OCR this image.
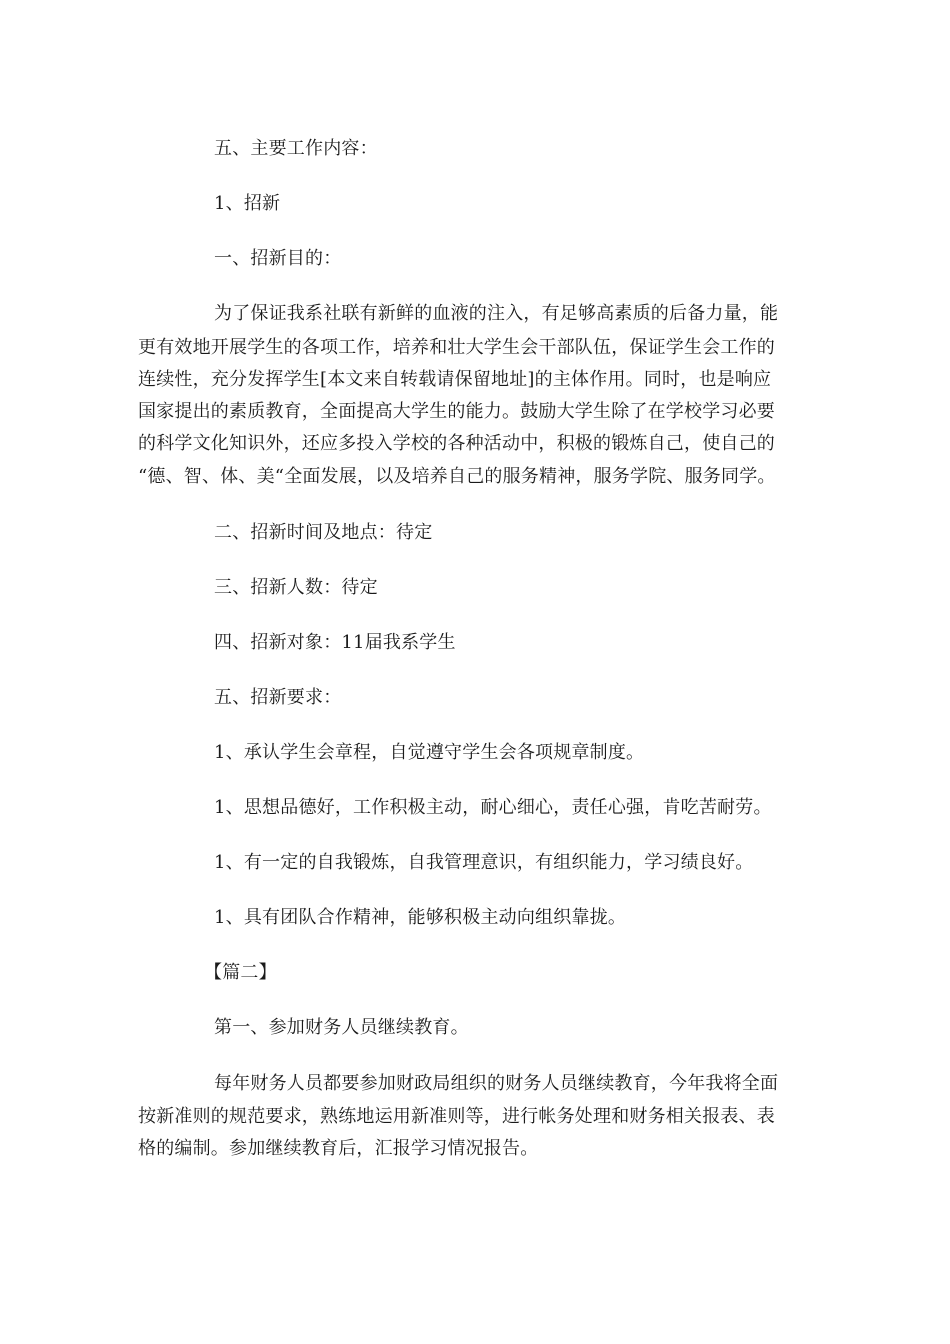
五、主要工作内容：
1、招新
一、招新目的：
为了保证我系社联有新鲜的血液的注入，有足够高素质的后备力量，能
更有效地开展学生的各项工作，培养和壮大学生会干部队伍，保证学生会工作的
连续性，充分发挥学生[本文来自转载请保留地址]的主体作用。同时，也是响应
国家提出的素质教育，全面提高大学生的能力。鼓励大学生除了在学校学习必要
的科学文化知识外，还应多投入学校的各种活动中，积极的锻炼自己，使自己的
“德、智、体、美“全面发展，以及培养自己的服务精神，服务学院、服务同学。
二、招新时间及地点：待定
三、招新人数：待定
四、招新对象：11届我系学生
五、招新要求：
1、承认学生会章程，自觉遵守学生会各项规章制度。
1、思想品德好，工作积极主动，耐心细心，责任心强，肯吃苦耐劳。
1、有一定的自我锻炼，自我管理意识，有组织能力，学习绩良好。
1、具有团队合作精神，能够积极主动向组织靠拢。
【篇二】
第一、参加财务人员继续教育。
每年财务人员都要参加财政局组织的财务人员继续教育，今年我将全面
按新准则的规范要求，熟练地运用新准则等，进行帐务处理和财务相关报表、表
格的编制。参加继续教育后，汇报学习情况报告。
